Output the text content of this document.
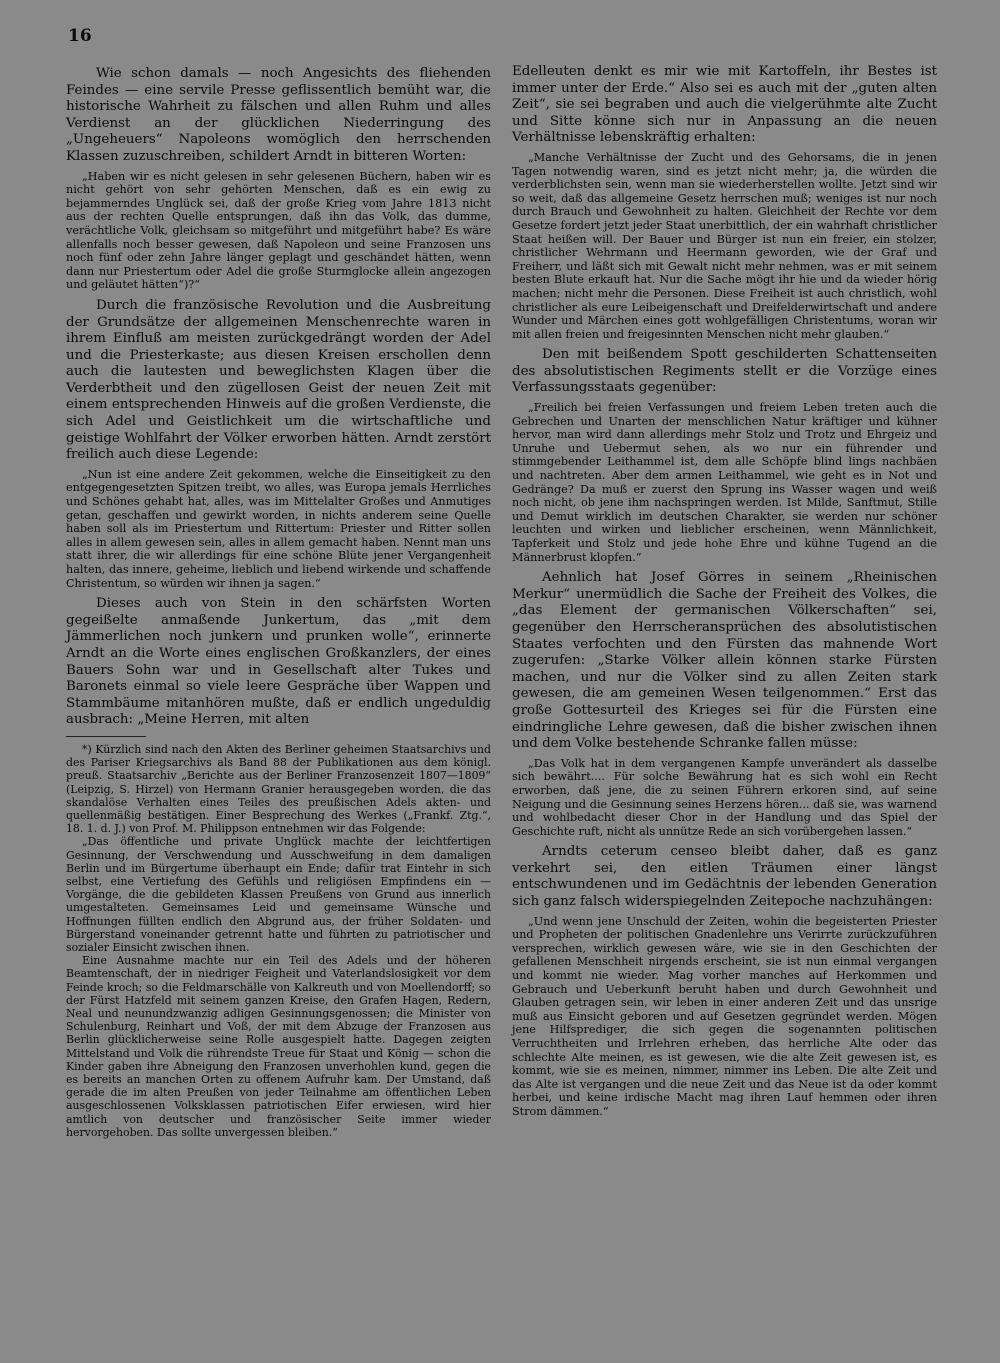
16

Wie schon damals — noch Angesichts des fliehenden Feindes — eine servile Presse geflissentlich bemüht war, die historische Wahrheit zu fälschen und allen Ruhm und alles Verdienst an der glücklichen Niederringung des „Ungeheuers“ Napoleons womöglich den herrschenden Klassen zuzuschreiben, schildert Arndt in bitteren Worten:

„Haben wir es nicht gelesen in sehr gelesenen Büchern, haben wir es nicht gehört von sehr gehörten Menschen, daß es ein ewig zu bejammerndes Unglück sei, daß der große Krieg vom Jahre 1813 nicht aus der rechten Quelle entsprungen, daß ihn das Volk, das dumme, verächtliche Volk, gleichsam so mitgeführt und mitgeführt habe? Es wäre allenfalls noch besser gewesen, daß Napoleon und seine Franzosen uns noch fünf oder zehn Jahre länger geplagt und geschändet hätten, wenn dann nur Priestertum oder Adel die große Sturmglocke allein angezogen und geläutet hätten“)?“

Durch die französische Revolution und die Ausbreitung der Grundsätze der allgemeinen Menschenrechte waren in ihrem Einfluß am meisten zurückgedrängt worden der Adel und die Priesterkaste; aus diesen Kreisen erschollen denn auch die lautesten und beweglichsten Klagen über die Verderbtheit und den zügellosen Geist der neuen Zeit mit einem entsprechenden Hinweis auf die großen Verdienste, die sich Adel und Geistlichkeit um die wirtschaftliche und geistige Wohlfahrt der Völker erworben hätten. Arndt zerstört freilich auch diese Legende:

„Nun ist eine andere Zeit gekommen, welche die Einseitigkeit zu den entgegengesetzten Spitzen treibt, wo alles, was Europa jemals Herrliches und Schönes gehabt hat, alles, was im Mittelalter Großes und Anmutiges getan, geschaffen und gewirkt worden, in nichts anderem seine Quelle haben soll als im Priestertum und Rittertum: Priester und Ritter sollen alles in allem gewesen sein, alles in allem gemacht haben. Nennt man uns statt ihrer, die wir allerdings für eine schöne Blüte jener Vergangenheit halten, das innere, geheime, lieblich und liebend wirkende und schaffende Christentum, so würden wir ihnen ja sagen.“

Dieses auch von Stein in den schärfsten Worten gegeißelte anmaßende Junkertum, das „mit dem Jämmerlichen noch junkern und prunken wolle“, erinnerte Arndt an die Worte eines englischen Großkanzlers, der eines Bauers Sohn war und in Gesellschaft alter Tukes und Baronets einmal so viele leere Gespräche über Wappen und Stammbäume mitanhören mußte, daß er endlich ungeduldig ausbrach: „Meine Herren, mit alten

*) Kürzlich sind nach den Akten des Berliner geheimen Staatsarchivs und des Pariser Kriegsarchivs als Band 88 der Publikationen aus dem königl. preuß. Staatsarchiv „Berichte aus der Berliner Franzosenzeit 1807—1809“ (Leipzig, S. Hirzel) von Hermann Granier herausgegeben worden, die das skandalöse Verhalten eines Teiles des preußischen Adels akten- und quellenmäßig bestätigen. Einer Besprechung des Werkes („Frankf. Ztg.“, 18. 1. d. J.) von Prof. M. Philippson entnehmen wir das Folgende:

„Das öffentliche und private Unglück machte der leichtfertigen Gesinnung, der Verschwendung und Ausschweifung in dem damaligen Berlin und im Bürgertume überhaupt ein Ende; dafür trat Eintehr in sich selbst, eine Vertiefung des Gefühls und religiösen Empfindens ein — Vorgänge, die die gebildeten Klassen Preußens von Grund aus innerlich umgestalteten. Gemeinsames Leid und gemeinsame Wünsche und Hoffnungen füllten endlich den Abgrund aus, der früher Soldaten- und Bürgerstand voneinander getrennt hatte und führten zu patriotischer und sozialer Einsicht zwischen ihnen.

Eine Ausnahme machte nur ein Teil des Adels und der höheren Beamtenschaft, der in niedriger Feigheit und Vaterlandslosigkeit vor dem Feinde kroch; so die Feldmarschälle von Kalkreuth und von Moellendorff; so der Fürst Hatzfeld mit seinem ganzen Kreise, den Grafen Hagen, Redern, Neal und neunundzwanzig adligen Gesinnungsgenossen; die Minister von Schulenburg, Reinhart und Voß, der mit dem Abzuge der Franzosen aus Berlin glücklicherweise seine Rolle ausgespielt hatte. Dagegen zeigten Mittelstand und Volk die rührendste Treue für Staat und König — schon die Kinder gaben ihre Abneigung den Franzosen unverhohlen kund, gegen die es bereits an manchen Orten zu offenem Aufruhr kam. Der Umstand, daß gerade die im alten Preußen von jeder Teilnahme am öffentlichen Leben ausgeschlossenen Volksklassen patriotischen Eifer erwiesen, wird hier amtlich von deutscher und französischer Seite immer wieder hervorgehoben. Das sollte unvergessen bleiben.“

Edelleuten denkt es mir wie mit Kartoffeln, ihr Bestes ist immer unter der Erde.“ Also sei es auch mit der „guten alten Zeit“, sie sei begraben und auch die vielgerühmte alte Zucht und Sitte könne sich nur in Anpassung an die neuen Verhältnisse lebenskräftig erhalten:

„Manche Verhältnisse der Zucht und des Gehorsams, die in jenen Tagen notwendig waren, sind es jetzt nicht mehr; ja, die würden die verderblichsten sein, wenn man sie wiederherstellen wollte. Jetzt sind wir so weit, daß das allgemeine Gesetz herrschen muß; weniges ist nur noch durch Brauch und Gewohnheit zu halten. Gleichheit der Rechte vor dem Gesetze fordert jetzt jeder Staat unerbittlich, der ein wahrhaft christlicher Staat heißen will. Der Bauer und Bürger ist nun ein freier, ein stolzer, christlicher Wehrmann und Heermann geworden, wie der Graf und Freiherr, und läßt sich mit Gewalt nicht mehr nehmen, was er mit seinem besten Blute erkauft hat. Nur die Sache mögt ihr hie und da wieder hörig machen; nicht mehr die Personen. Diese Freiheit ist auch christlich, wohl christlicher als eure Leibeigenschaft und Dreifelderwirtschaft und andere Wunder und Märchen eines gott wohlgefälligen Christentums, woran wir mit allen freien und freigesinnten Menschen nicht mehr glauben.“

Den mit beißendem Spott geschilderten Schattenseiten des absolutistischen Regiments stellt er die Vorzüge eines Verfassungsstaats gegenüber:

„Freilich bei freien Verfassungen und freiem Leben treten auch die Gebrechen und Unarten der menschlichen Natur kräftiger und kühner hervor, man wird dann allerdings mehr Stolz und Trotz und Ehrgeiz und Unruhe und Uebermut sehen, als wo nur ein führender und stimmgebender Leithammel ist, dem alle Schöpfe blind lings nachbäen und nachtreten. Aber dem armen Leithammel, wie geht es in Not und Gedränge? Da muß er zuerst den Sprung ins Wasser wagen und weiß noch nicht, ob jene ihm nachspringen werden. Ist Milde, Sanftmut, Stille und Demut wirklich im deutschen Charakter, sie werden nur schöner leuchten und wirken und lieblicher erscheinen, wenn Männlichkeit, Tapferkeit und Stolz und jede hohe Ehre und kühne Tugend an die Männerbrust klopfen.“

Aehnlich hat Josef Görres in seinem „Rheinischen Merkur“ unermüdlich die Sache der Freiheit des Volkes, die „das Element der germanischen Völkerschaften“ sei, gegenüber den Herrscheransprüchen des absolutistischen Staates verfochten und den Fürsten das mahnende Wort zugerufen: „Starke Völker allein können starke Fürsten machen, und nur die Völker sind zu allen Zeiten stark gewesen, die am gemeinen Wesen teilgenommen.“ Erst das große Gottesurteil des Krieges sei für die Fürsten eine eindringliche Lehre gewesen, daß die bisher zwischen ihnen und dem Volke bestehende Schranke fallen müsse:

„Das Volk hat in dem vergangenen Kampfe unverändert als dasselbe sich bewährt.... Für solche Bewährung hat es sich wohl ein Recht erworben, daß jene, die zu seinen Führern erkoren sind, auf seine Neigung und die Gesinnung seines Herzens hören... daß sie, was warnend und wohlbedacht dieser Chor in der Handlung und das Spiel der Geschichte ruft, nicht als unnütze Rede an sich vorübergehen lassen.“

Arndts ceterum censeo bleibt daher, daß es ganz verkehrt sei, den eitlen Träumen einer längst entschwundenen und im Gedächtnis der lebenden Generation sich ganz falsch widerspiegelnden Zeitepoche nachzuhängen:

„Und wenn jene Unschuld der Zeiten, wohin die begeisterten Priester und Propheten der politischen Gnadenlehre uns Verirrte zurückzuführen versprechen, wirklich gewesen wäre, wie sie in den Geschichten der gefallenen Menschheit nirgends erscheint, sie ist nun einmal vergangen und kommt nie wieder. Mag vorher manches auf Herkommen und Gebrauch und Ueberkunft beruht haben und durch Gewohnheit und Glauben getragen sein, wir leben in einer anderen Zeit und das unsrige muß aus Einsicht geboren und auf Gesetzen gegründet werden. Mögen jene Hilfsprediger, die sich gegen die sogenannten politischen Verruchtheiten und Irrlehren erheben, das herrliche Alte oder das schlechte Alte meinen, es ist gewesen, wie die alte Zeit gewesen ist, es kommt, wie sie es meinen, nimmer, nimmer ins Leben. Die alte Zeit und das Alte ist vergangen und die neue Zeit und das Neue ist da oder kommt herbei, und keine irdische Macht mag ihren Lauf hemmen oder ihren Strom dämmen.“
